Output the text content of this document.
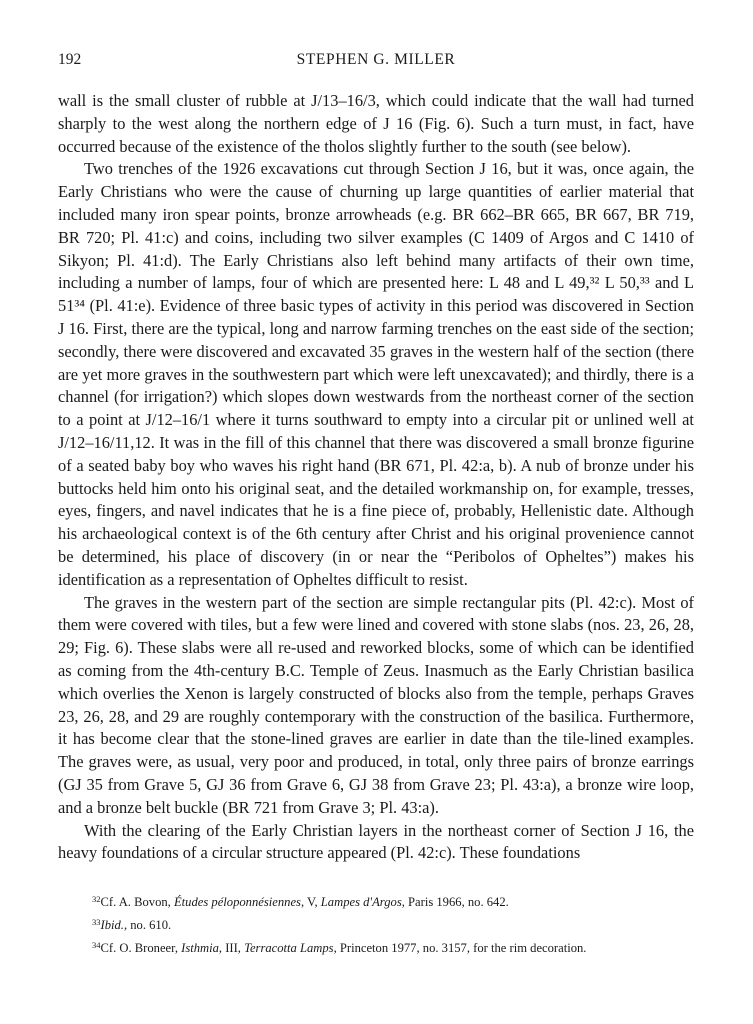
192	STEPHEN G. MILLER

wall is the small cluster of rubble at J/13–16/3, which could indicate that the wall had turned sharply to the west along the northern edge of J 16 (Fig. 6). Such a turn must, in fact, have occurred because of the existence of the tholos slightly further to the south (see below).

Two trenches of the 1926 excavations cut through Section J 16, but it was, once again, the Early Christians who were the cause of churning up large quantities of earlier material that included many iron spear points, bronze arrowheads (e.g. BR 662–BR 665, BR 667, BR 719, BR 720; Pl. 41:c) and coins, including two silver examples (C 1409 of Argos and C 1410 of Sikyon; Pl. 41:d). The Early Christians also left behind many artifacts of their own time, including a number of lamps, four of which are presented here: L 48 and L 49,³² L 50,³³ and L 51³⁴ (Pl. 41:e). Evidence of three basic types of activity in this period was discovered in Section J 16. First, there are the typical, long and narrow farming trenches on the east side of the section; secondly, there were discovered and excavated 35 graves in the western half of the section (there are yet more graves in the southwestern part which were left unexcavated); and thirdly, there is a channel (for irrigation?) which slopes down westwards from the northeast corner of the section to a point at J/12–16/1 where it turns southward to empty into a circular pit or unlined well at J/12–16/11,12. It was in the fill of this channel that there was discovered a small bronze figurine of a seated baby boy who waves his right hand (BR 671, Pl. 42:a, b). A nub of bronze under his buttocks held him onto his original seat, and the detailed workmanship on, for example, tresses, eyes, fingers, and navel indicates that he is a fine piece of, probably, Hellenistic date. Although his archaeological context is of the 6th century after Christ and his original provenience cannot be determined, his place of discovery (in or near the “Peribolos of Opheltes”) makes his identification as a representation of Opheltes difficult to resist.

The graves in the western part of the section are simple rectangular pits (Pl. 42:c). Most of them were covered with tiles, but a few were lined and covered with stone slabs (nos. 23, 26, 28, 29; Fig. 6). These slabs were all re-used and reworked blocks, some of which can be identified as coming from the 4th-century B.C. Temple of Zeus. Inasmuch as the Early Christian basilica which overlies the Xenon is largely constructed of blocks also from the temple, perhaps Graves 23, 26, 28, and 29 are roughly contemporary with the construction of the basilica. Furthermore, it has become clear that the stone-lined graves are earlier in date than the tile-lined examples. The graves were, as usual, very poor and produced, in total, only three pairs of bronze earrings (GJ 35 from Grave 5, GJ 36 from Grave 6, GJ 38 from Grave 23; Pl. 43:a), a bronze wire loop, and a bronze belt buckle (BR 721 from Grave 3; Pl. 43:a).

With the clearing of the Early Christian layers in the northeast corner of Section J 16, the heavy foundations of a circular structure appeared (Pl. 42:c). These foundations

$^{32}$Cf. A. Bovon, Études péloponnésiennes, V, Lampes d'Argos, Paris 1966, no. 642.
$^{33}$Ibid., no. 610.
$^{34}$Cf. O. Broneer, Isthmia, III, Terracotta Lamps, Princeton 1977, no. 3157, for the rim decoration.
